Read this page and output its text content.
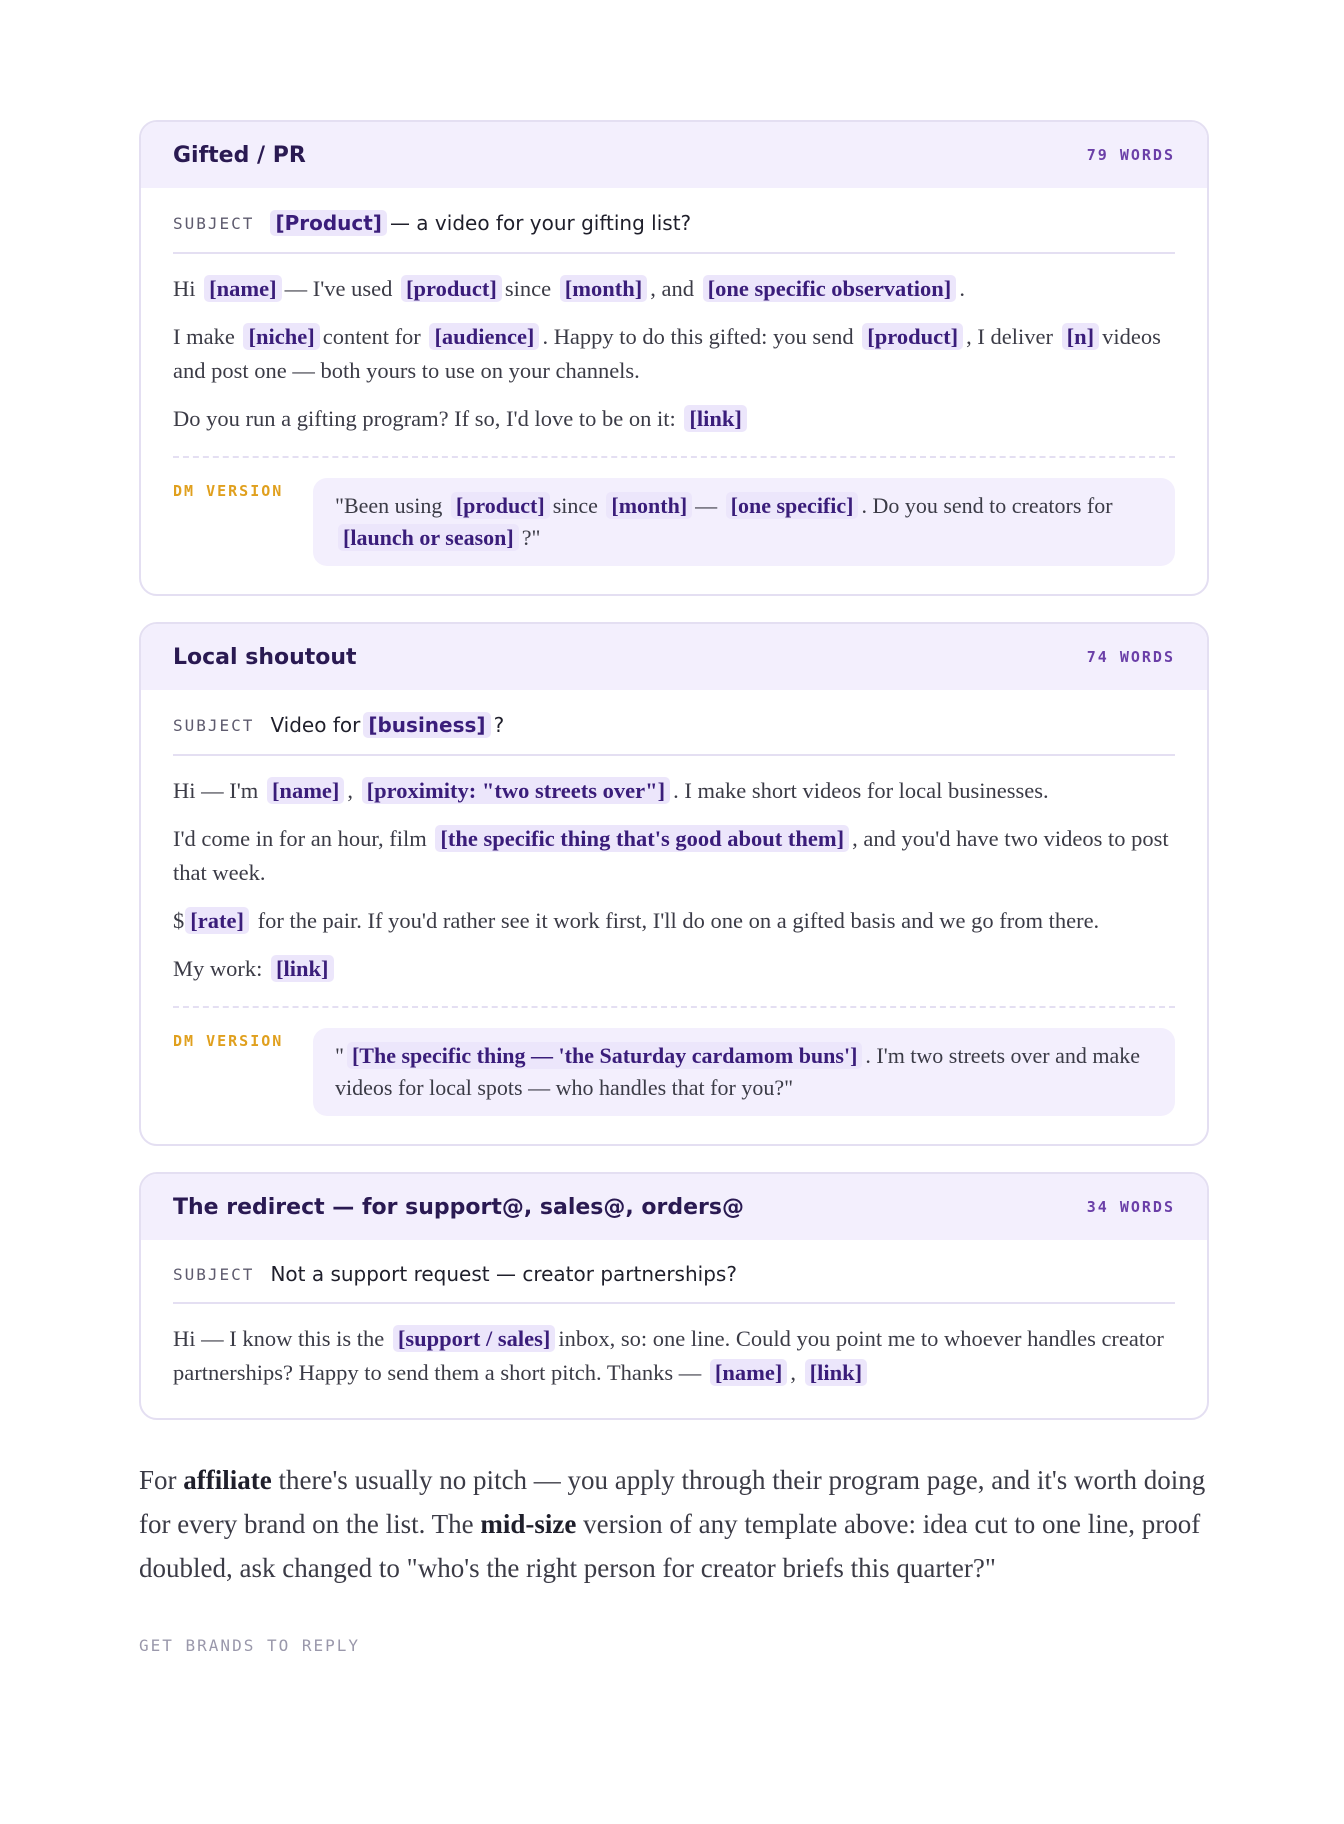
Gifted / PR	79 WORDS
SUBJECT [Product] — a video for your gifting list?

Hi [name] — I've used [product] since [month] , and [one specific observation] .

I make [niche] content for [audience] . Happy to do this gifted: you send [product] , I deliver [n] videos and post one — both yours to use on your channels.

Do you run a gifting program? If so, I'd love to be on it: [link]

DM VERSION
"Been using [product] since [month] — [one specific] . Do you send to creators for [launch or season] ?"
Local shoutout	74 WORDS
SUBJECT Video for [business] ?

Hi — I'm [name] , [proximity: "two streets over"] . I make short videos for local businesses.

I'd come in for an hour, film [the specific thing that's good about them] , and you'd have two videos to post that week.

$ [rate] for the pair. If you'd rather see it work first, I'll do one on a gifted basis and we go from there.

My work: [link]

DM VERSION
" [The specific thing — 'the Saturday cardamom buns'] . I'm two streets over and make videos for local spots — who handles that for you?"
The redirect — for support@, sales@, orders@	34 WORDS
SUBJECT Not a support request — creator partnerships?

Hi — I know this is the [support / sales] inbox, so: one line. Could you point me to whoever handles creator partnerships? Happy to send them a short pitch. Thanks — [name] , [link]

For affiliate there's usually no pitch — you apply through their program page, and it's worth doing for every brand on the list. The mid-size version of any template above: idea cut to one line, proof doubled, ask changed to "who's the right person for creator briefs this quarter?"

GET BRANDS TO REPLY
